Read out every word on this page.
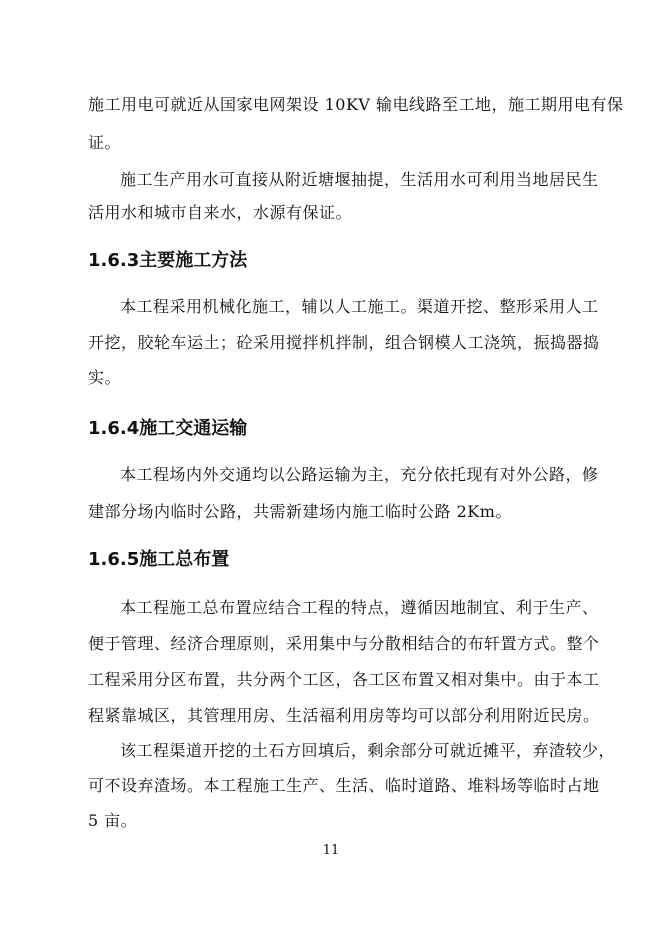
施工用电可就近从国家电网架设 10KV 输电线路至工地，施工期用电有保
证。
施工生产用水可直接从附近塘堰抽提，生活用水可利用当地居民生
活用水和城市自来水，水源有保证。
1.6.3主要施工方法
本工程采用机械化施工，辅以人工施工。渠道开挖、整形采用人工
开挖，胶轮车运土；砼采用搅拌机拌制，组合钢模人工浇筑，振捣器捣
实。
1.6.4施工交通运输
本工程场内外交通均以公路运输为主，充分依托现有对外公路，修
建部分场内临时公路，共需新建场内施工临时公路 2Km。
1.6.5施工总布置
本工程施工总布置应结合工程的特点，遵循因地制宜、利于生产、
便于管理、经济合理原则，采用集中与分散相结合的布轩置方式。整个
工程采用分区布置，共分两个工区，各工区布置又相对集中。由于本工
程紧靠城区，其管理用房、生活福利用房等均可以部分利用附近民房。
该工程渠道开挖的土石方回填后，剩余部分可就近摊平，弃渣较少，
可不设弃渣场。本工程施工生产、生活、临时道路、堆料场等临时占地
5 亩。
11
